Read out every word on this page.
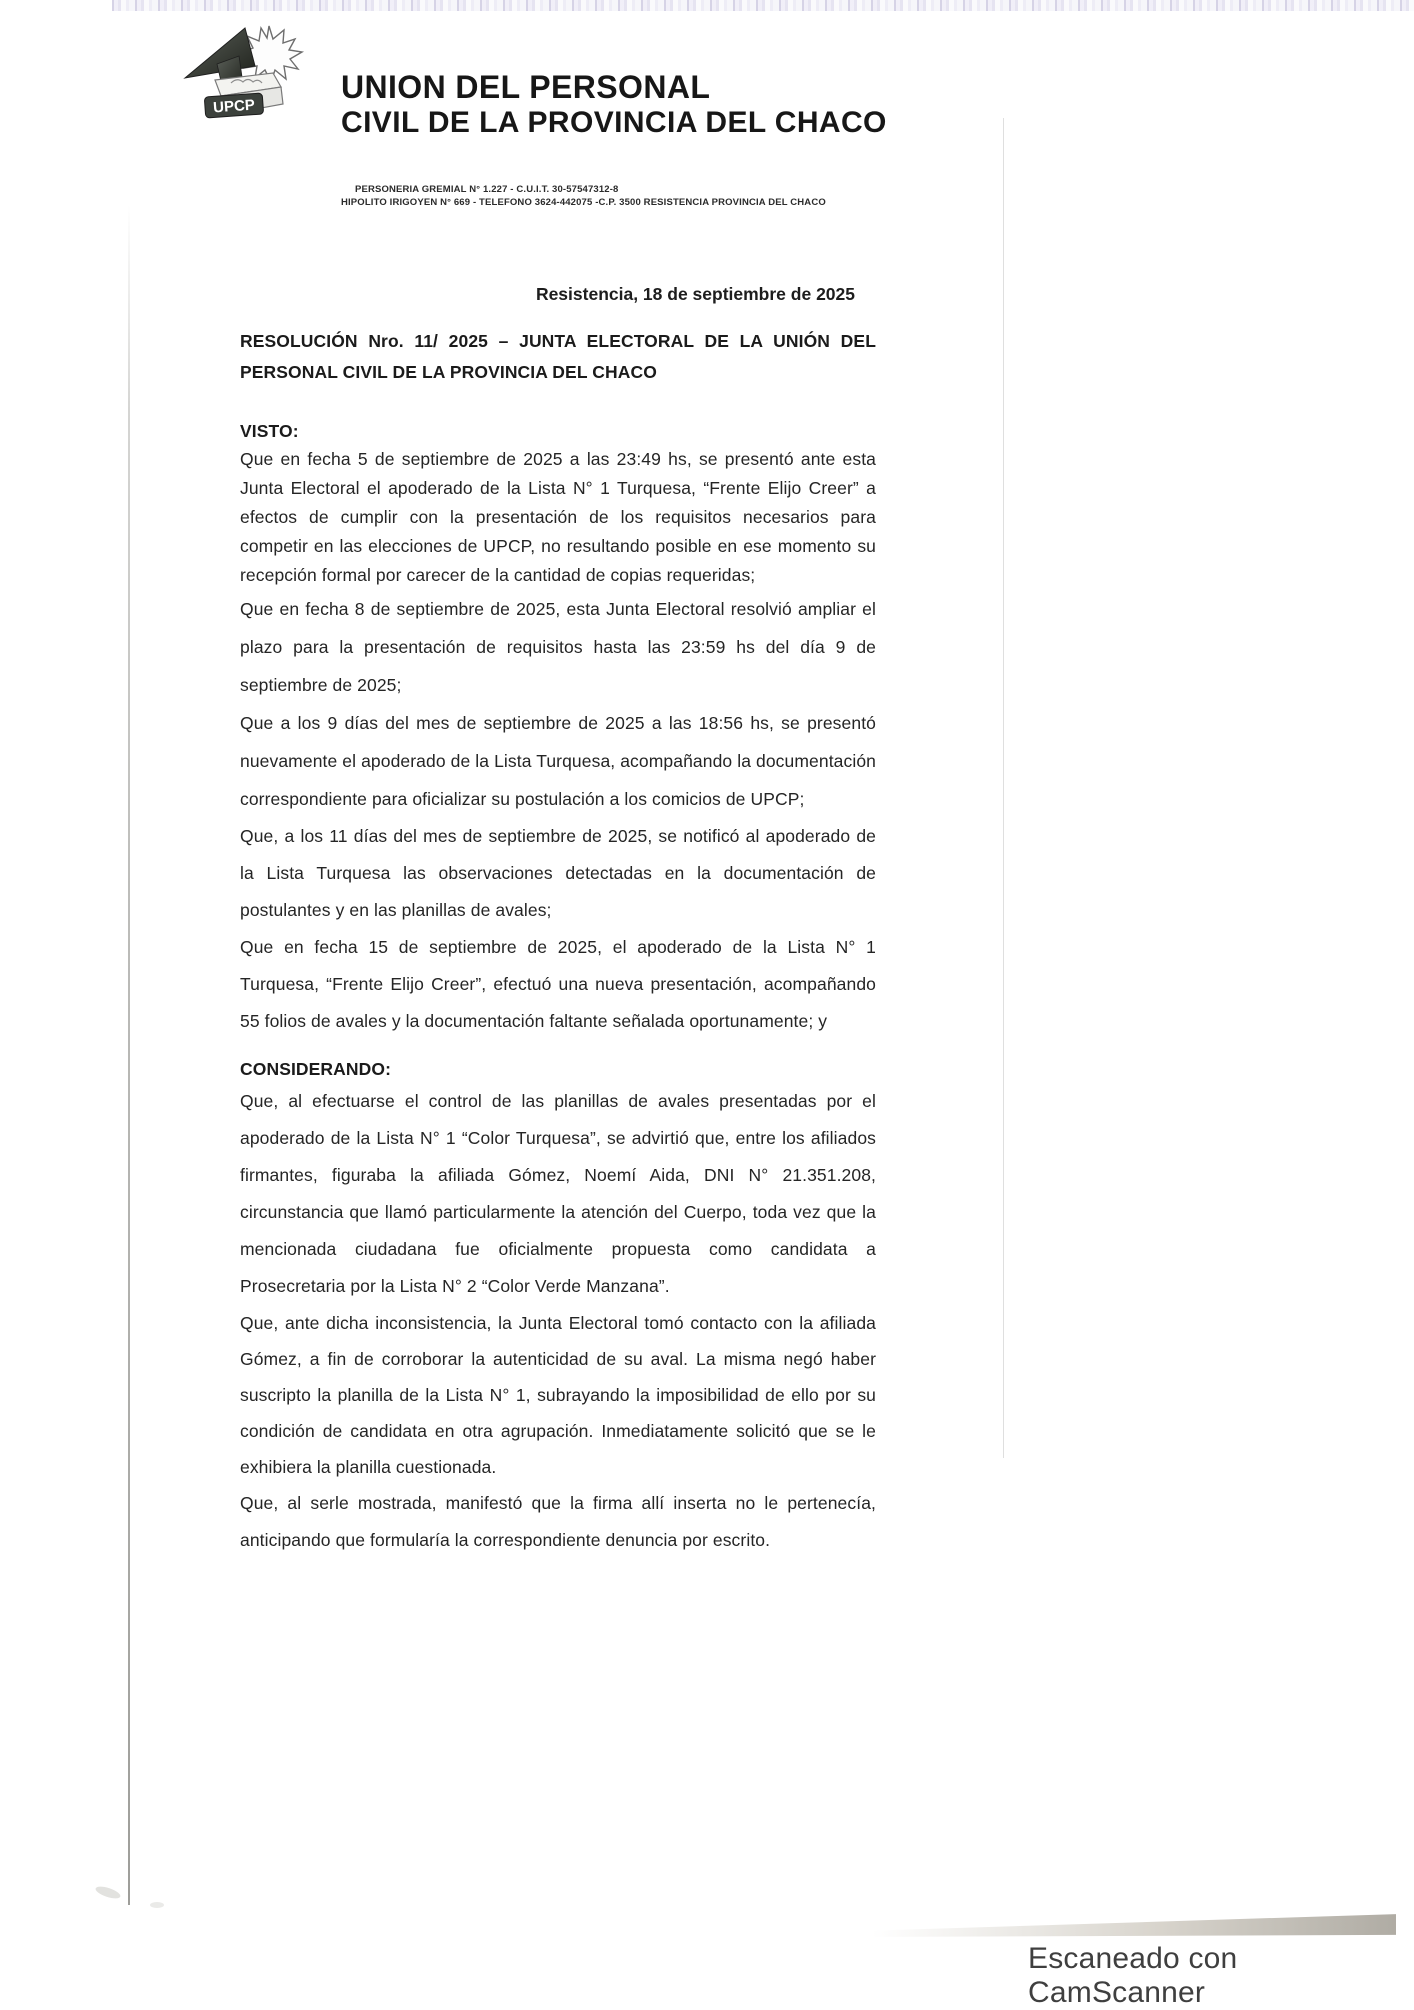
UPCP
UNION DEL PERSONAL
CIVIL DE LA PROVINCIA DEL CHACO
PERSONERIA GREMIAL N° 1.227 - C.U.I.T. 30-57547312-8
HIPOLITO IRIGOYEN N° 669 - TELEFONO 3624-442075 -C.P. 3500 RESISTENCIA PROVINCIA DEL CHACO
Resistencia, 18 de septiembre de 2025

RESOLUCIÓN Nro. 11/ 2025 – JUNTA ELECTORAL DE LA UNIÓN DEL PERSONAL CIVIL DE LA PROVINCIA DEL CHACO

VISTO:

Que en fecha 5 de septiembre de 2025 a las 23:49 hs, se presentó ante esta Junta Electoral el apoderado de la Lista N° 1 Turquesa, “Frente Elijo Creer” a efectos de cumplir con la presentación de los requisitos necesarios para competir en las elecciones de UPCP, no resultando posible en ese momento su recepción formal por carecer de la cantidad de copias requeridas;

Que en fecha 8 de septiembre de 2025, esta Junta Electoral resolvió ampliar el plazo para la presentación de requisitos hasta las 23:59 hs del día 9 de septiembre de 2025;

Que a los 9 días del mes de septiembre de 2025 a las 18:56 hs, se presentó nuevamente el apoderado de la Lista Turquesa, acompañando la documentación correspondiente para oficializar su postulación a los comicios de UPCP;

Que, a los 11 días del mes de septiembre de 2025, se notificó al apoderado de la Lista Turquesa las observaciones detectadas en la documentación de postulantes y en las planillas de avales;

Que en fecha 15 de septiembre de 2025, el apoderado de la Lista N° 1 Turquesa, “Frente Elijo Creer”, efectuó una nueva presentación, acompañando 55 folios de avales y la documentación faltante señalada oportunamente; y

CONSIDERANDO:

Que, al efectuarse el control de las planillas de avales presentadas por el apoderado de la Lista N° 1 “Color Turquesa”, se advirtió que, entre los afiliados firmantes, figuraba la afiliada Gómez, Noemí Aida, DNI N° 21.351.208, circunstancia que llamó particularmente la atención del Cuerpo, toda vez que la mencionada ciudadana fue oficialmente propuesta como candidata a Prosecretaria por la Lista N° 2 “Color Verde Manzana”.

Que, ante dicha inconsistencia, la Junta Electoral tomó contacto con la afiliada Gómez, a fin de corroborar la autenticidad de su aval. La misma negó haber suscripto la planilla de la Lista N° 1, subrayando la imposibilidad de ello por su condición de candidata en otra agrupación. Inmediatamente solicitó que se le exhibiera la planilla cuestionada.

Que, al serle mostrada, manifestó que la firma allí inserta no le pertenecía, anticipando que formularía la correspondiente denuncia por escrito.

Escaneado con CamScanner
